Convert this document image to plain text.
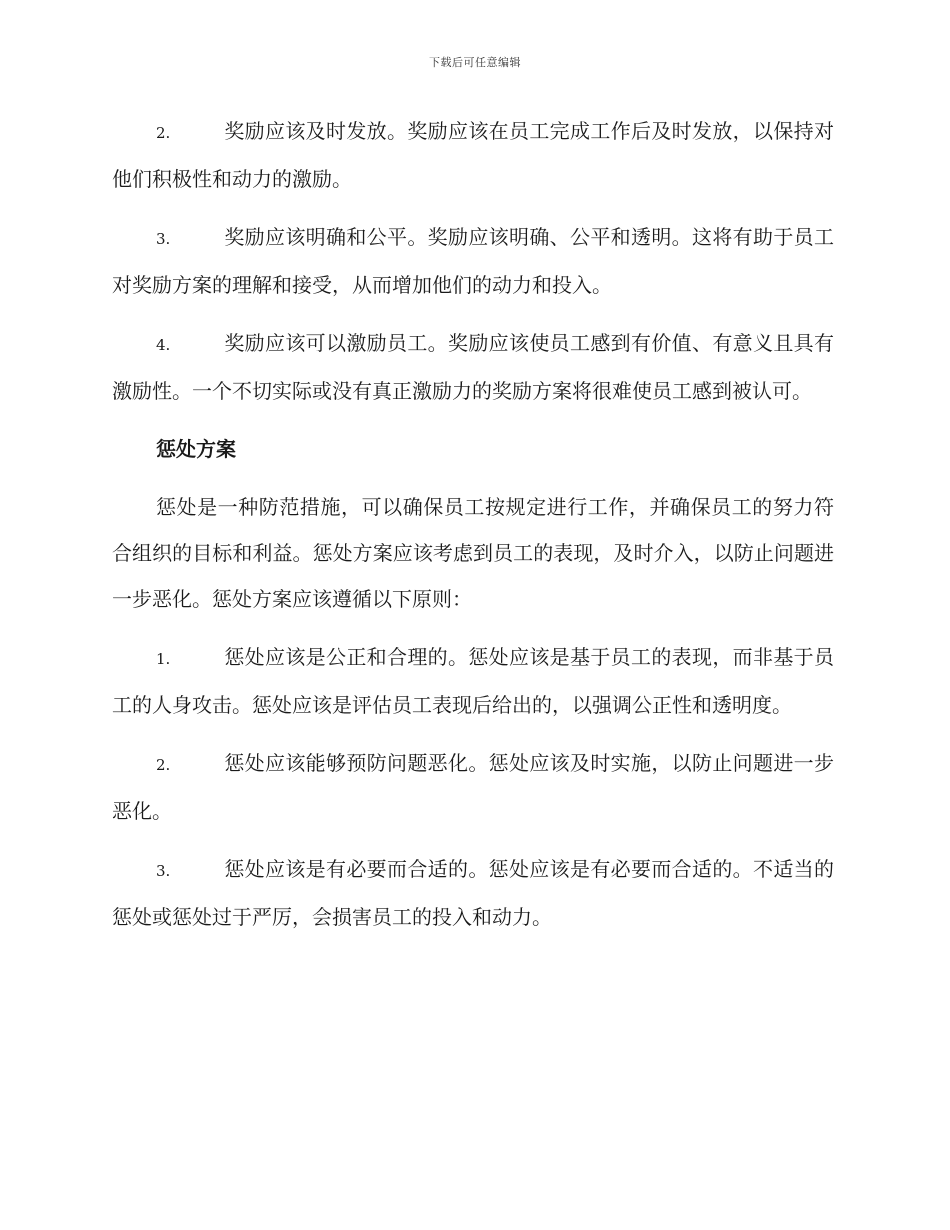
下载后可任意编辑

2.	奖励应该及时发放。奖励应该在员工完成工作后及时发放，以保持对他们积极性和动力的激励。

3.	奖励应该明确和公平。奖励应该明确、公平和透明。这将有助于员工对奖励方案的理解和接受，从而增加他们的动力和投入。

4.	奖励应该可以激励员工。奖励应该使员工感到有价值、有意义且具有激励性。一个不切实际或没有真正激励力的奖励方案将很难使员工感到被认可。

惩处方案

惩处是一种防范措施，可以确保员工按规定进行工作，并确保员工的努力符合组织的目标和利益。惩处方案应该考虑到员工的表现，及时介入，以防止问题进一步恶化。惩处方案应该遵循以下原则：

1.	惩处应该是公正和合理的。惩处应该是基于员工的表现，而非基于员工的人身攻击。惩处应该是评估员工表现后给出的，以强调公正性和透明度。

2.	惩处应该能够预防问题恶化。惩处应该及时实施，以防止问题进一步恶化。

3.	惩处应该是有必要而合适的。惩处应该是有必要而合适的。不适当的惩处或惩处过于严厉，会损害员工的投入和动力。
